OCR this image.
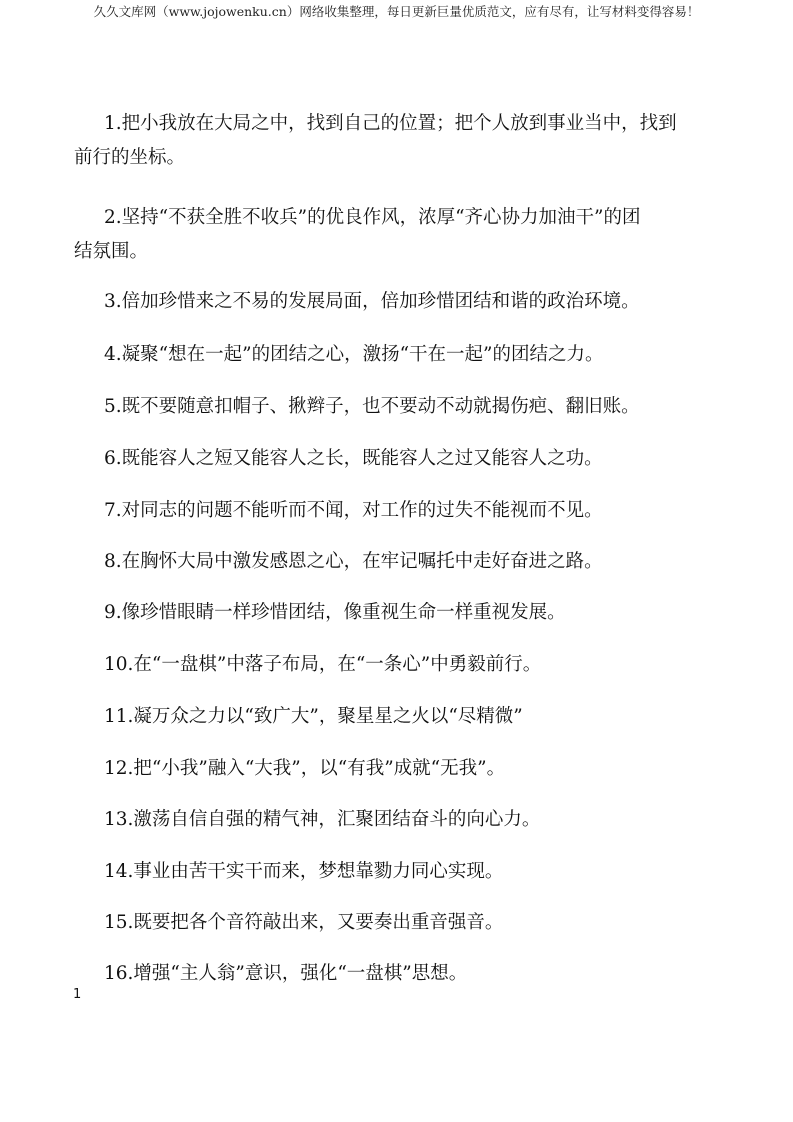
久久文库网（www.jojowenku.cn）网络收集整理，每日更新巨量优质范文，应有尽有，让写材料变得容易！

1.把小我放在大局之中，找到自己的位置；把个人放到事业当中，找到
前行的坐标。

2.坚持“不获全胜不收兵”的优良作风，浓厚“齐心协力加油干”的团
结氛围。

3.倍加珍惜来之不易的发展局面，倍加珍惜团结和谐的政治环境。

4.凝聚“想在一起”的团结之心，激扬“干在一起”的团结之力。

5.既不要随意扣帽子、揪辫子，也不要动不动就揭伤疤、翻旧账。

6.既能容人之短又能容人之长，既能容人之过又能容人之功。

7.对同志的问题不能听而不闻，对工作的过失不能视而不见。

8.在胸怀大局中激发感恩之心，在牢记嘱托中走好奋进之路。

9.像珍惜眼睛一样珍惜团结，像重视生命一样重视发展。

10.在“一盘棋”中落子布局，在“一条心”中勇毅前行。

11.凝万众之力以“致广大”，聚星星之火以“尽精微”

12.把“小我”融入“大我”，以“有我”成就“无我”。

13.激荡自信自强的精气神，汇聚团结奋斗的向心力。

14.事业由苦干实干而来，梦想靠勠力同心实现。

15.既要把各个音符敲出来，又要奏出重音强音。

16.增强“主人翁”意识，强化“一盘棋”思想。

1
